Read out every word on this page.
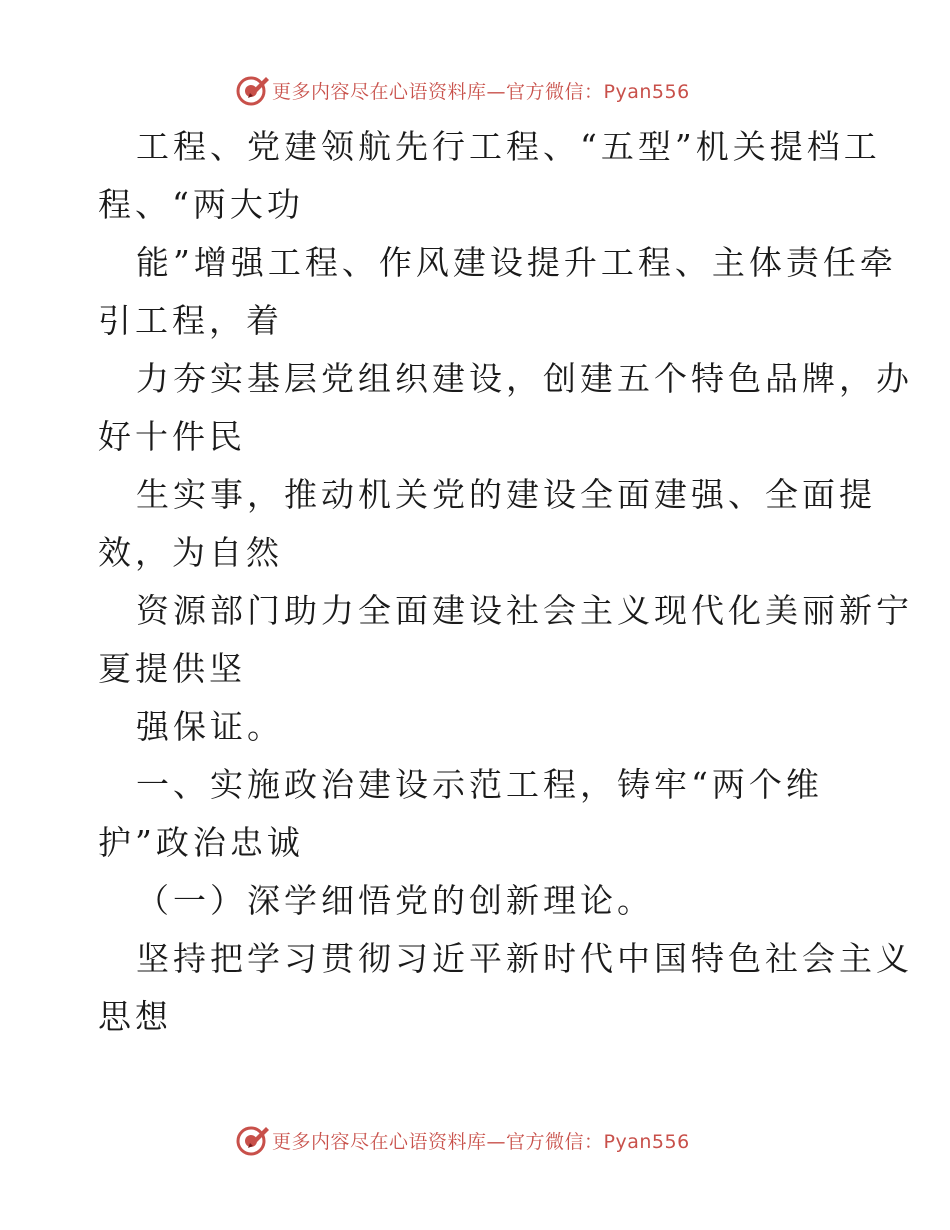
更多内容尽在心语资料库—官方微信：Pyan556

工程、党建领航先行工程、“五型”机关提档工

程、“两大功

能”增强工程、作风建设提升工程、主体责任牵

引工程，着

力夯实基层党组织建设，创建五个特色品牌，办

好十件民

生实事，推动机关党的建设全面建强、全面提

效，为自然

资源部门助力全面建设社会主义现代化美丽新宁

夏提供坚

强保证。

一、实施政治建设示范工程，铸牢“两个维

护”政治忠诚

（一）深学细悟党的创新理论。

坚持把学习贯彻习近平新时代中国特色社会主义

思想

更多内容尽在心语资料库—官方微信：Pyan556
